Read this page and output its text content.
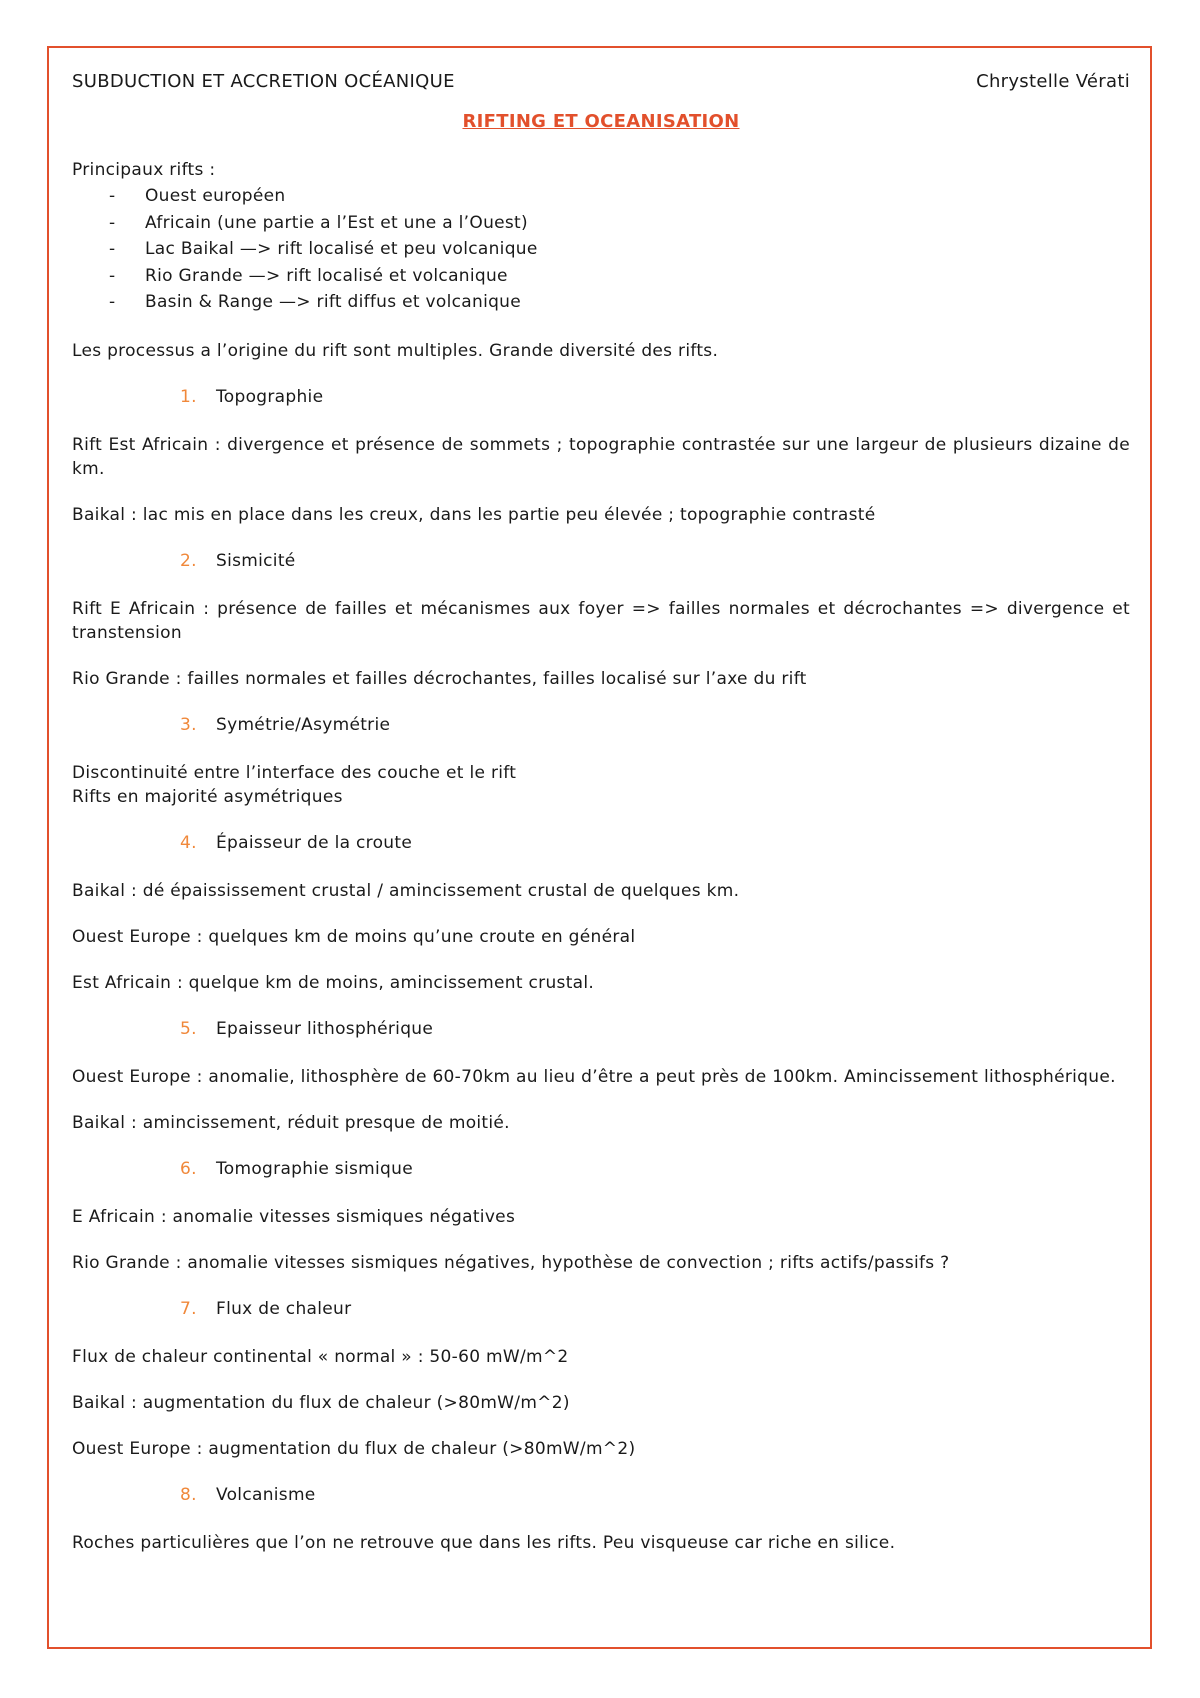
SUBDUCTION ET ACCRETION OCÉANIQUE	Chrystelle Vérati
RIFTING ET OCEANISATION

Principaux rifts :

- Ouest européen
- Africain (une partie a l’Est et une a l’Ouest)
- Lac Baikal —> rift localisé et peu volcanique
- Rio Grande —> rift localisé et volcanique
- Basin & Range —> rift diffus et volcanique

Les processus a l’origine du rift sont multiples. Grande diversité des rifts.

1. Topographie

Rift Est Africain : divergence et présence de sommets ; topographie contrastée sur une largeur de plusieurs dizaine de km.

Baikal : lac mis en place dans les creux, dans les partie peu élevée ; topographie contrasté

2. Sismicité

Rift E Africain : présence de failles et mécanismes aux foyer => failles normales et décrochantes => divergence et transtension

Rio Grande : failles normales et failles décrochantes, failles localisé sur l’axe du rift

3. Symétrie/Asymétrie

Discontinuité entre l’interface des couche et le rift

Rifts en majorité asymétriques

4. Épaisseur de la croute

Baikal : dé épaississement crustal / amincissement crustal de quelques km.

Ouest Europe : quelques km de moins qu’une croute en général

Est Africain : quelque km de moins, amincissement crustal.

5. Epaisseur lithosphérique

Ouest Europe : anomalie, lithosphère de 60-70km au lieu d’être a peut près de 100km. Amincissement lithosphérique.

Baikal : amincissement, réduit presque de moitié.

6. Tomographie sismique

E Africain : anomalie vitesses sismiques négatives

Rio Grande : anomalie vitesses sismiques négatives, hypothèse de convection ; rifts actifs/passifs ?

7. Flux de chaleur

Flux de chaleur continental « normal » : 50-60 mW/m^2

Baikal : augmentation du flux de chaleur (>80mW/m^2)

Ouest Europe : augmentation du flux de chaleur (>80mW/m^2)

8. Volcanisme

Roches particulières que l’on ne retrouve que dans les rifts. Peu visqueuse car riche en silice.
